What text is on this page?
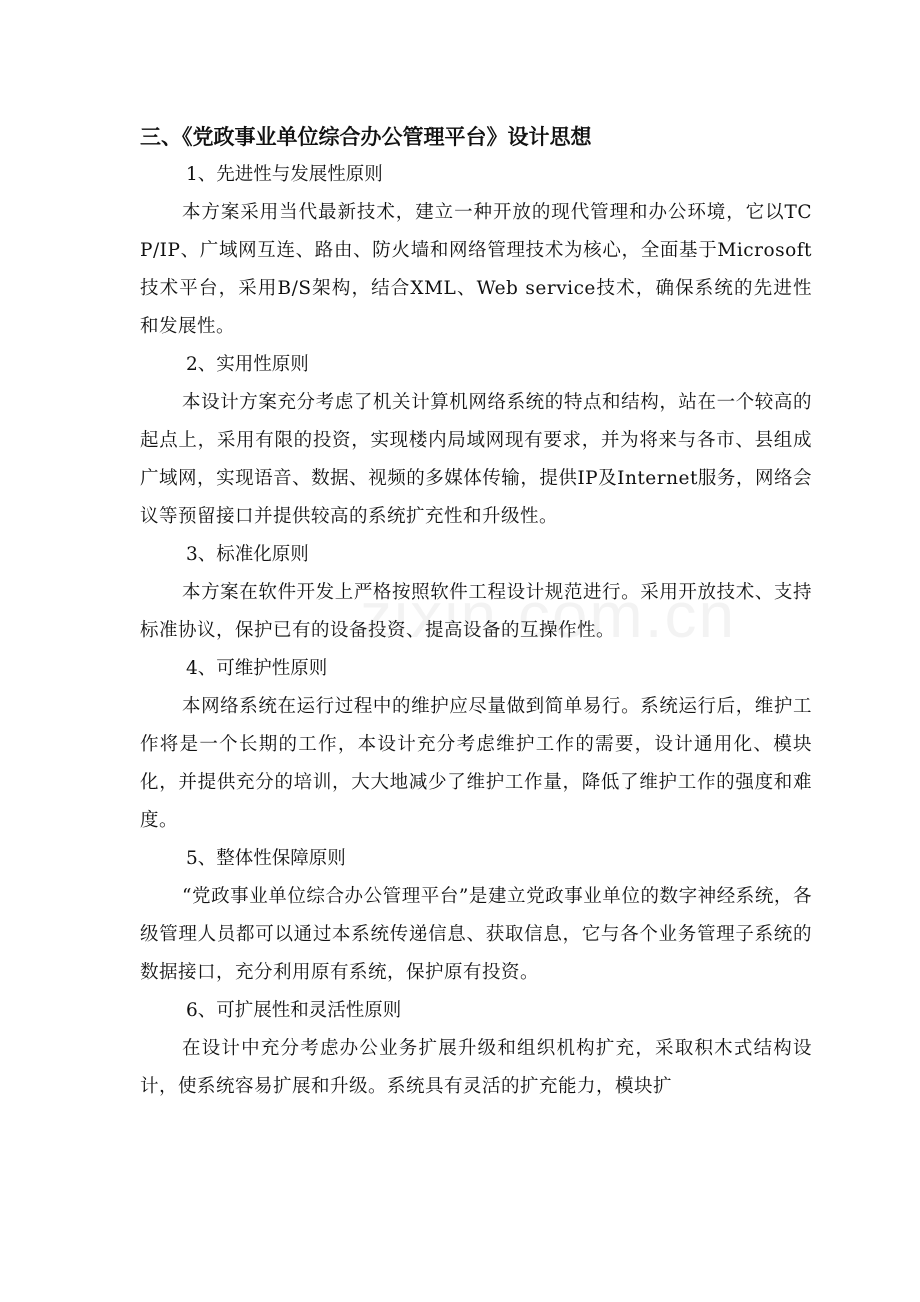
三、《党政事业单位综合办公管理平台》设计思想
1、先进性与发展性原则
本方案采用当代最新技术，建立一种开放的现代管理和办公环境，它以TCP/IP、广域网互连、路由、防火墙和网络管理技术为核心，全面基于Microsoft技术平台，采用B/S架构，结合XML、Web service技术，确保系统的先进性和发展性。
2、实用性原则
本设计方案充分考虑了机关计算机网络系统的特点和结构，站在一个较高的起点上，采用有限的投资，实现楼内局域网现有要求，并为将来与各市、县组成广域网，实现语音、数据、视频的多媒体传输，提供IP及Internet服务，网络会议等预留接口并提供较高的系统扩充性和升级性。
3、标准化原则
本方案在软件开发上严格按照软件工程设计规范进行。采用开放技术、支持标准协议，保护已有的设备投资、提高设备的互操作性。
4、可维护性原则
本网络系统在运行过程中的维护应尽量做到简单易行。系统运行后，维护工作将是一个长期的工作，本设计充分考虑维护工作的需要，设计通用化、模块化，并提供充分的培训，大大地减少了维护工作量，降低了维护工作的强度和难度。
5、整体性保障原则
“党政事业单位综合办公管理平台”是建立党政事业单位的数字神经系统，各级管理人员都可以通过本系统传递信息、获取信息，它与各个业务管理子系统的数据接口，充分利用原有系统，保护原有投资。
6、可扩展性和灵活性原则
在设计中充分考虑办公业务扩展升级和组织机构扩充，采取积木式结构设计，使系统容易扩展和升级。系统具有灵活的扩充能力，模块扩
